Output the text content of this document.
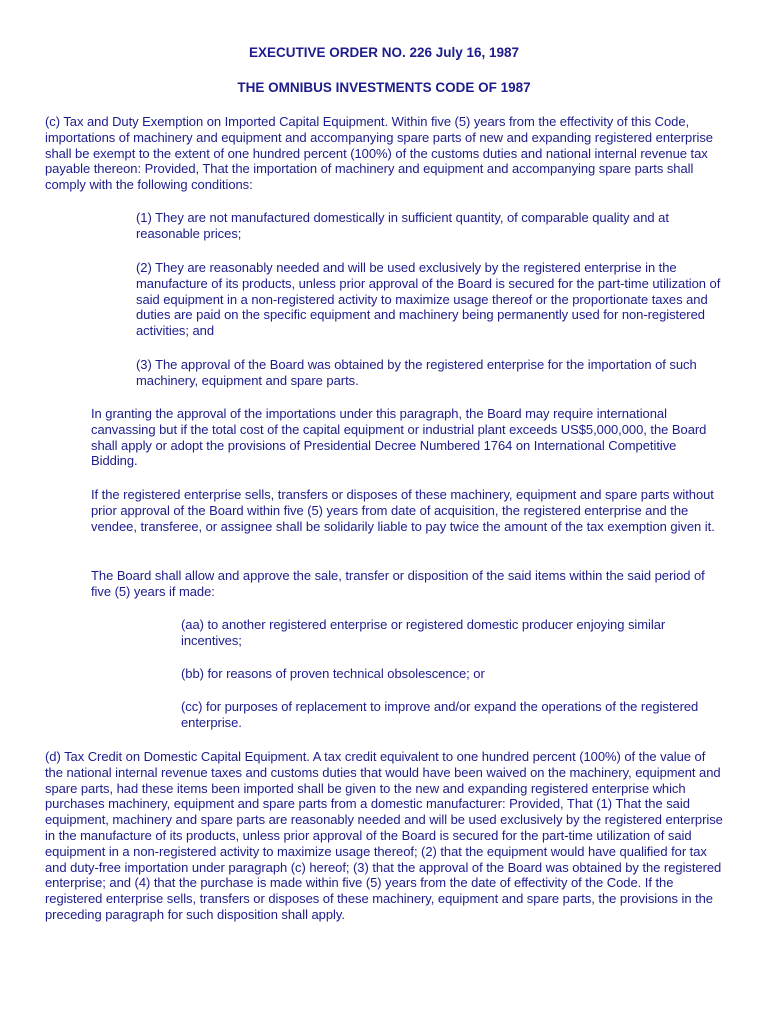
EXECUTIVE ORDER NO. 226 July 16, 1987
THE OMNIBUS INVESTMENTS CODE OF 1987

(c) Tax and Duty Exemption on Imported Capital Equipment. Within five (5) years from the effectivity of this Code, importations of machinery and equipment and accompanying spare parts of new and expanding registered enterprise shall be exempt to the extent of one hundred percent (100%) of the customs duties and national internal revenue tax payable thereon: Provided, That the importation of machinery and equipment and accompanying spare parts shall comply with the following conditions:

(1) They are not manufactured domestically in sufficient quantity, of comparable quality and at reasonable prices;

(2) They are reasonably needed and will be used exclusively by the registered enterprise in the manufacture of its products, unless prior approval of the Board is secured for the part-time utilization of said equipment in a non-registered activity to maximize usage thereof or the proportionate taxes and duties are paid on the specific equipment and machinery being permanently used for non-registered activities; and

(3) The approval of the Board was obtained by the registered enterprise for the importation of such machinery, equipment and spare parts.

In granting the approval of the importations under this paragraph, the Board may require international canvassing but if the total cost of the capital equipment or industrial plant exceeds US$5,000,000, the Board shall apply or adopt the provisions of Presidential Decree Numbered 1764 on International Competitive Bidding.

If the registered enterprise sells, transfers or disposes of these machinery, equipment and spare parts without prior approval of the Board within five (5) years from date of acquisition, the registered enterprise and the vendee, transferee, or assignee shall be solidarily liable to pay twice the amount of the tax exemption given it.

The Board shall allow and approve the sale, transfer or disposition of the said items within the said period of five (5) years if made:

(aa) to another registered enterprise or registered domestic producer enjoying similar incentives;

(bb) for reasons of proven technical obsolescence; or

(cc) for purposes of replacement to improve and/or expand the operations of the registered enterprise.

(d) Tax Credit on Domestic Capital Equipment. A tax credit equivalent to one hundred percent (100%) of the value of the national internal revenue taxes and customs duties that would have been waived on the machinery, equipment and spare parts, had these items been imported shall be given to the new and expanding registered enterprise which purchases machinery, equipment and spare parts from a domestic manufacturer: Provided, That (1) That the said equipment, machinery and spare parts are reasonably needed and will be used exclusively by the registered enterprise in the manufacture of its products, unless prior approval of the Board is secured for the part-time utilization of said equipment in a non-registered activity to maximize usage thereof; (2) that the equipment would have qualified for tax and duty-free importation under paragraph (c) hereof; (3) that the approval of the Board was obtained by the registered enterprise; and (4) that the purchase is made within five (5) years from the date of effectivity of the Code. If the registered enterprise sells, transfers or disposes of these machinery, equipment and spare parts, the provisions in the preceding paragraph for such disposition shall apply.
